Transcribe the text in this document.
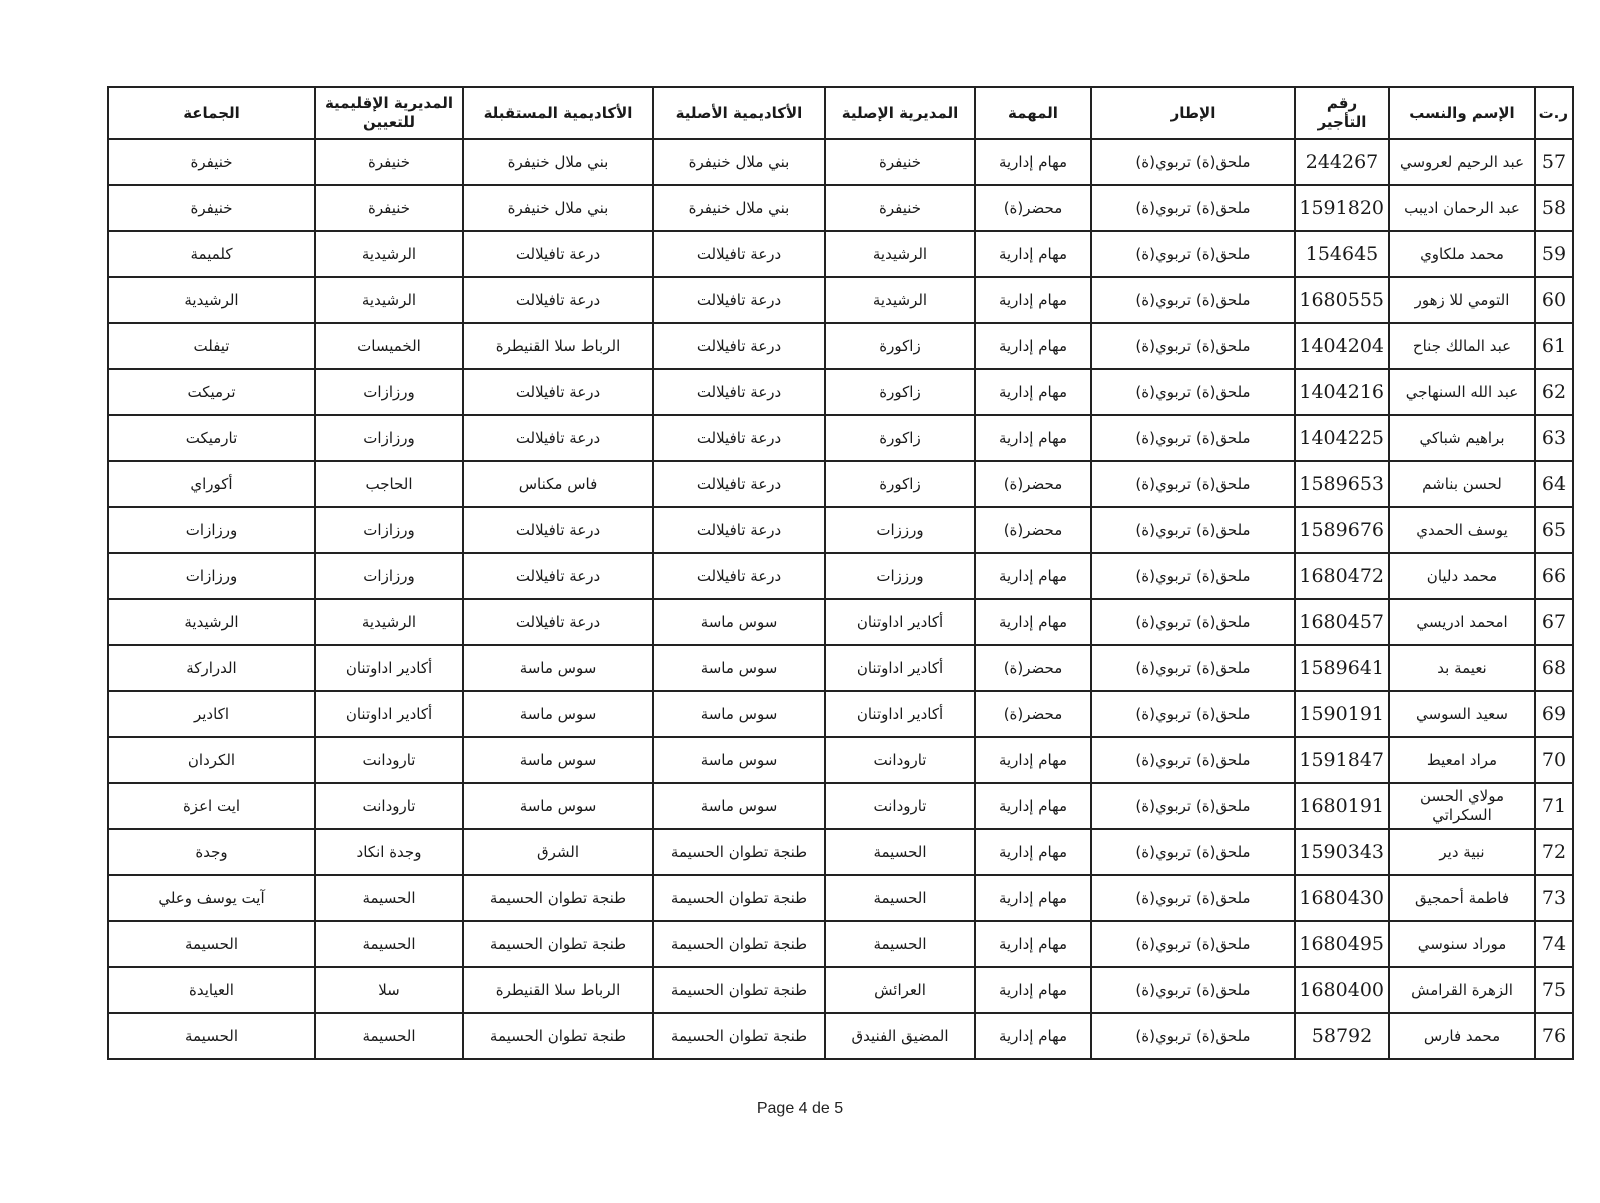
ر.ت	الإسم والنسب	رقم التأجير	الإطار	المهمة	المديرية الإصلية	الأكاديمية الأصلية	الأكاديمية المستقبلة	المديرية الإقليمية للتعيين	الجماعة
57	عبد الرحيم لعروسي	244267	ملحق(ة) تربوي(ة)	مهام إدارية	خنيفرة	بني ملال خنيفرة	بني ملال خنيفرة	خنيفرة	خنيفرة
58	عبد الرحمان اديبب	1591820	ملحق(ة) تربوي(ة)	محضر(ة)	خنيفرة	بني ملال خنيفرة	بني ملال خنيفرة	خنيفرة	خنيفرة
59	محمد ملكاوي	154645	ملحق(ة) تربوي(ة)	مهام إدارية	الرشيدية	درعة تافيلالت	درعة تافيلالت	الرشيدية	كلميمة
60	التومي للا زهور	1680555	ملحق(ة) تربوي(ة)	مهام إدارية	الرشيدية	درعة تافيلالت	درعة تافيلالت	الرشيدية	الرشيدية
61	عبد المالك جناح	1404204	ملحق(ة) تربوي(ة)	مهام إدارية	زاكورة	درعة تافيلالت	الرباط سلا القنيطرة	الخميسات	تيفلت
62	عبد الله السنهاجي	1404216	ملحق(ة) تربوي(ة)	مهام إدارية	زاكورة	درعة تافيلالت	درعة تافيلالت	ورزازات	ترميكت
63	براهيم شباكي	1404225	ملحق(ة) تربوي(ة)	مهام إدارية	زاكورة	درعة تافيلالت	درعة تافيلالت	ورزازات	تارميكت
64	لحسن بناشم	1589653	ملحق(ة) تربوي(ة)	محضر(ة)	زاكورة	درعة تافيلالت	فاس مكناس	الحاجب	أكوراي
65	يوسف الحمدي	1589676	ملحق(ة) تربوي(ة)	محضر(ة)	ورززات	درعة تافيلالت	درعة تافيلالت	ورزازات	ورزازات
66	محمد دليان	1680472	ملحق(ة) تربوي(ة)	مهام إدارية	ورززات	درعة تافيلالت	درعة تافيلالت	ورزازات	ورزازات
67	امحمد ادريسي	1680457	ملحق(ة) تربوي(ة)	مهام إدارية	أكادير اداوتنان	سوس ماسة	درعة تافيلالت	الرشيدية	الرشيدية
68	نعيمة بد	1589641	ملحق(ة) تربوي(ة)	محضر(ة)	أكادير اداوتنان	سوس ماسة	سوس ماسة	أكادير اداوتنان	الدراركة
69	سعيد السوسي	1590191	ملحق(ة) تربوي(ة)	محضر(ة)	أكادير اداوتنان	سوس ماسة	سوس ماسة	أكادير اداوتنان	اكادير
70	مراد امعيط	1591847	ملحق(ة) تربوي(ة)	مهام إدارية	تارودانت	سوس ماسة	سوس ماسة	تارودانت	الكردان
71	مولاي الحسن السكراتي	1680191	ملحق(ة) تربوي(ة)	مهام إدارية	تارودانت	سوس ماسة	سوس ماسة	تارودانت	ايت اعزة
72	نبية دير	1590343	ملحق(ة) تربوي(ة)	مهام إدارية	الحسيمة	طنجة تطوان الحسيمة	الشرق	وجدة انكاد	وجدة
73	فاطمة أحمجيق	1680430	ملحق(ة) تربوي(ة)	مهام إدارية	الحسيمة	طنجة تطوان الحسيمة	طنجة تطوان الحسيمة	الحسيمة	آيت يوسف وعلي
74	موراد سنوسي	1680495	ملحق(ة) تربوي(ة)	مهام إدارية	الحسيمة	طنجة تطوان الحسيمة	طنجة تطوان الحسيمة	الحسيمة	الحسيمة
75	الزهرة القرامش	1680400	ملحق(ة) تربوي(ة)	مهام إدارية	العرائش	طنجة تطوان الحسيمة	الرباط سلا القنيطرة	سلا	العيايدة
76	محمد فارس	58792	ملحق(ة) تربوي(ة)	مهام إدارية	المضيق الفنيدق	طنجة تطوان الحسيمة	طنجة تطوان الحسيمة	الحسيمة	الحسيمة
Page 4 de 5
